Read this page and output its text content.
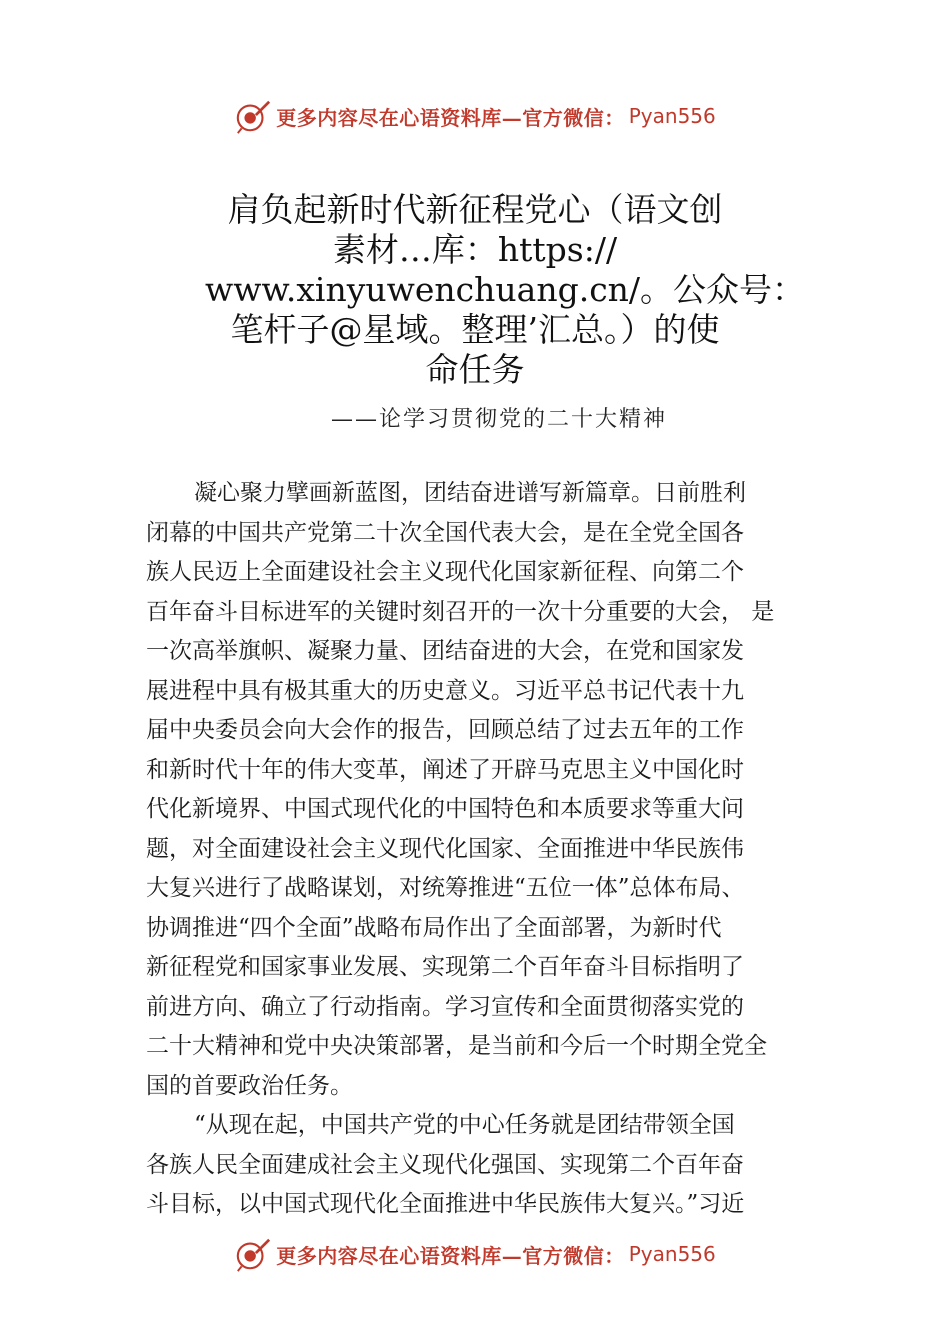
更多内容尽在心语资料库—官方微信： Pyan556
肩负起新时代新征程党心（语文创
素材…库：https://
www.xinyuwenchuang.cn/。公众号：
笔杆子@星域。整理’汇总。）的使
命任务
——论学习贯彻党的二十大精神
凝心聚力擘画新蓝图，团结奋进谱写新篇章。日前胜利
闭幕的中国共产党第二十次全国代表大会，是在全党全国各
族人民迈上全面建设社会主义现代化国家新征程、向第二个
百年奋斗目标进军的关键时刻召开的一次十分重要的大会， 是
一次高举旗帜、凝聚力量、团结奋进的大会，在党和国家发
展进程中具有极其重大的历史意义。习近平总书记代表十九
届中央委员会向大会作的报告，回顾总结了过去五年的工作
和新时代十年的伟大变革，阐述了开辟马克思主义中国化时
代化新境界、中国式现代化的中国特色和本质要求等重大问
题，对全面建设社会主义现代化国家、全面推进中华民族伟
大复兴进行了战略谋划，对统筹推进“五位一体”总体布局、
协调推进“四个全面”战略布局作出了全面部署，为新时代
新征程党和国家事业发展、实现第二个百年奋斗目标指明了
前进方向、确立了行动指南。学习宣传和全面贯彻落实党的
二十大精神和党中央决策部署，是当前和今后一个时期全党全
国的首要政治任务。
“从现在起，中国共产党的中心任务就是团结带领全国
各族人民全面建成社会主义现代化强国、实现第二个百年奋
斗目标，以中国式现代化全面推进中华民族伟大复兴。”习近
更多内容尽在心语资料库—官方微信： Pyan556
